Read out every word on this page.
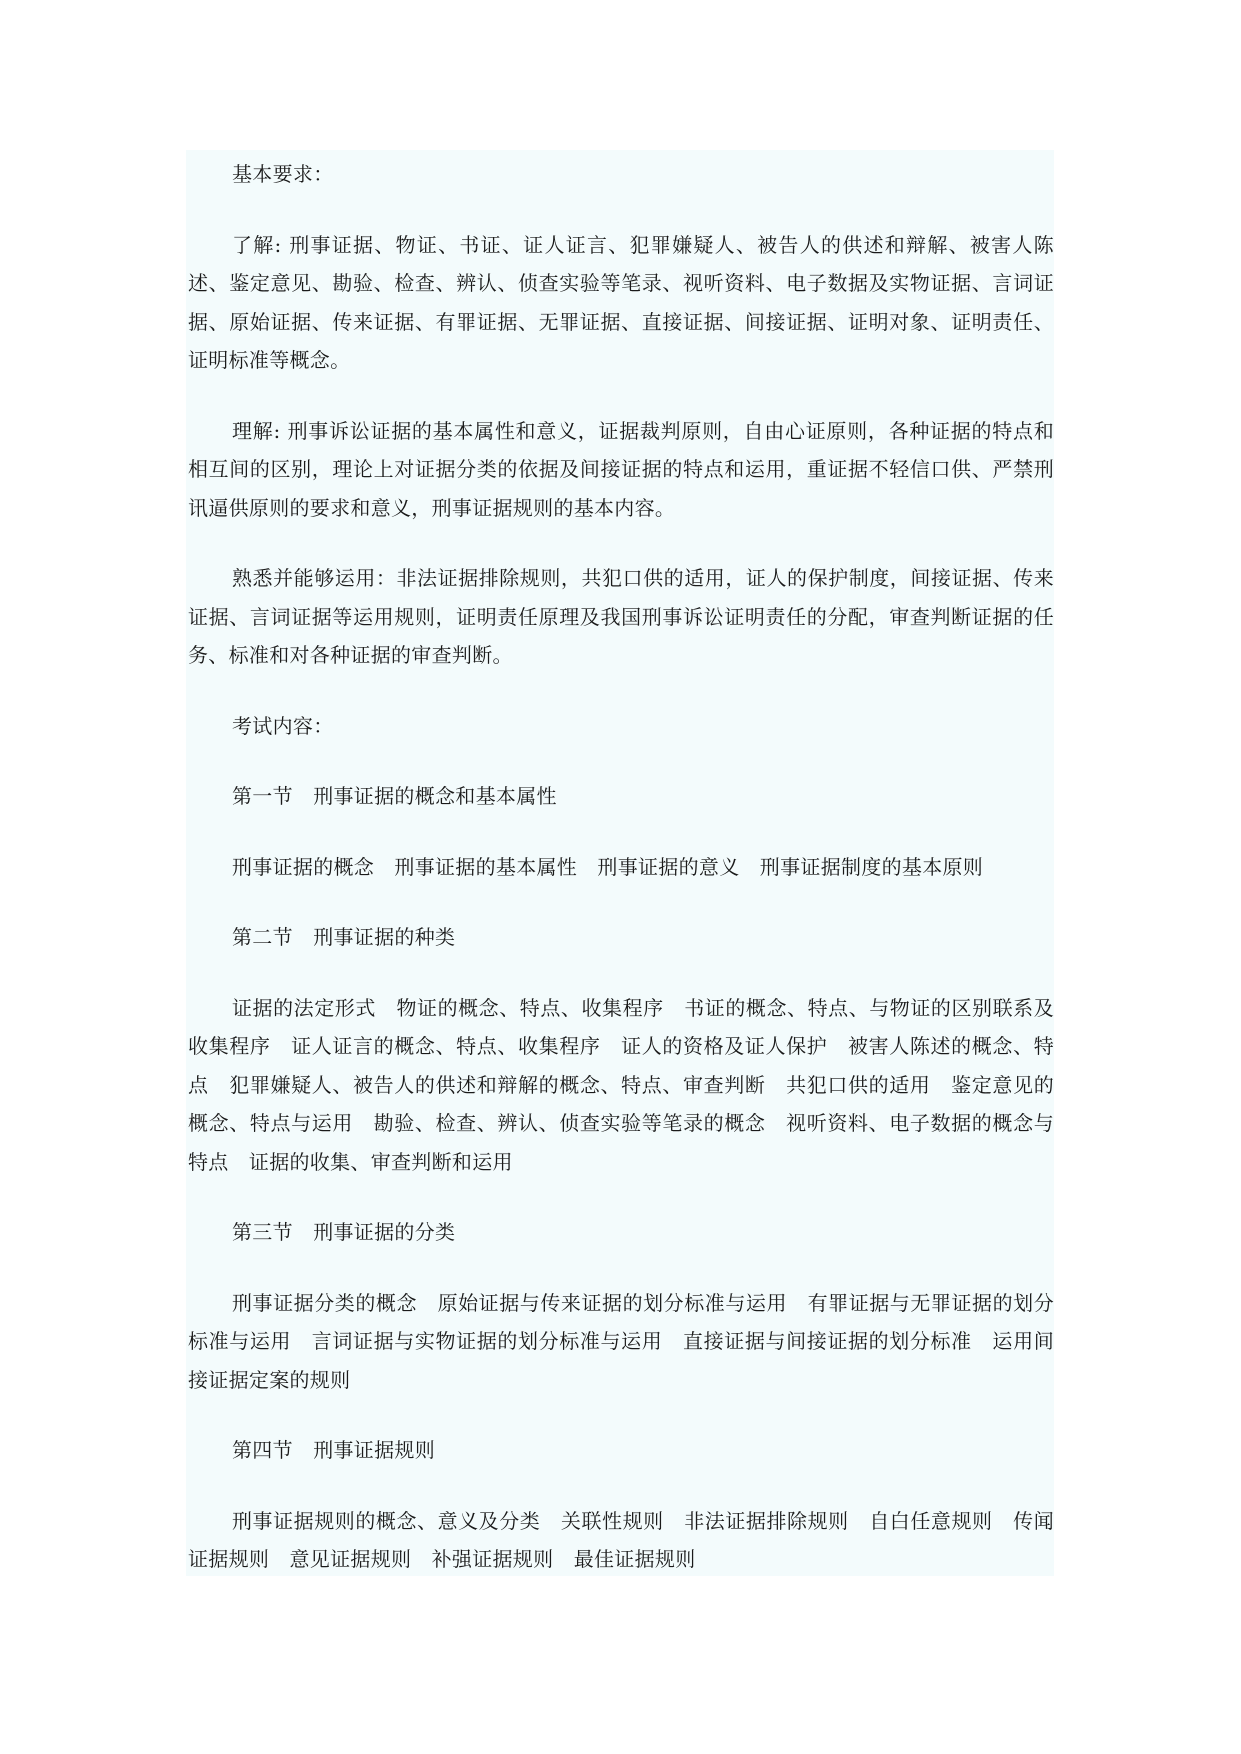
基本要求：

了解: 刑事证据、物证、书证、证人证言、犯罪嫌疑人、被告人的供述和辩解、被害人陈述、鉴定意见、勘验、检查、辨认、侦查实验等笔录、视听资料、电子数据及实物证据、言词证据、原始证据、传来证据、有罪证据、无罪证据、直接证据、间接证据、证明对象、证明责任、证明标准等概念。

理解: 刑事诉讼证据的基本属性和意义，证据裁判原则，自由心证原则，各种证据的特点和相互间的区别，理论上对证据分类的依据及间接证据的特点和运用，重证据不轻信口供、严禁刑讯逼供原则的要求和意义，刑事证据规则的基本内容。

熟悉并能够运用：非法证据排除规则，共犯口供的适用，证人的保护制度，间接证据、传来证据、言词证据等运用规则，证明责任原理及我国刑事诉讼证明责任的分配，审查判断证据的任务、标准和对各种证据的审查判断。

考试内容：

第一节　刑事证据的概念和基本属性

刑事证据的概念　刑事证据的基本属性　刑事证据的意义　刑事证据制度的基本原则

第二节　刑事证据的种类

证据的法定形式　物证的概念、特点、收集程序　书证的概念、特点、与物证的区别联系及收集程序　证人证言的概念、特点、收集程序　证人的资格及证人保护　被害人陈述的概念、特点　犯罪嫌疑人、被告人的供述和辩解的概念、特点、审查判断　共犯口供的适用　鉴定意见的概念、特点与运用　勘验、检查、辨认、侦查实验等笔录的概念　视听资料、电子数据的概念与特点　证据的收集、审查判断和运用

第三节　刑事证据的分类

刑事证据分类的概念　原始证据与传来证据的划分标准与运用　有罪证据与无罪证据的划分标准与运用　言词证据与实物证据的划分标准与运用　直接证据与间接证据的划分标准　运用间接证据定案的规则

第四节　刑事证据规则

刑事证据规则的概念、意义及分类　关联性规则　非法证据排除规则　自白任意规则　传闻证据规则　意见证据规则　补强证据规则　最佳证据规则
